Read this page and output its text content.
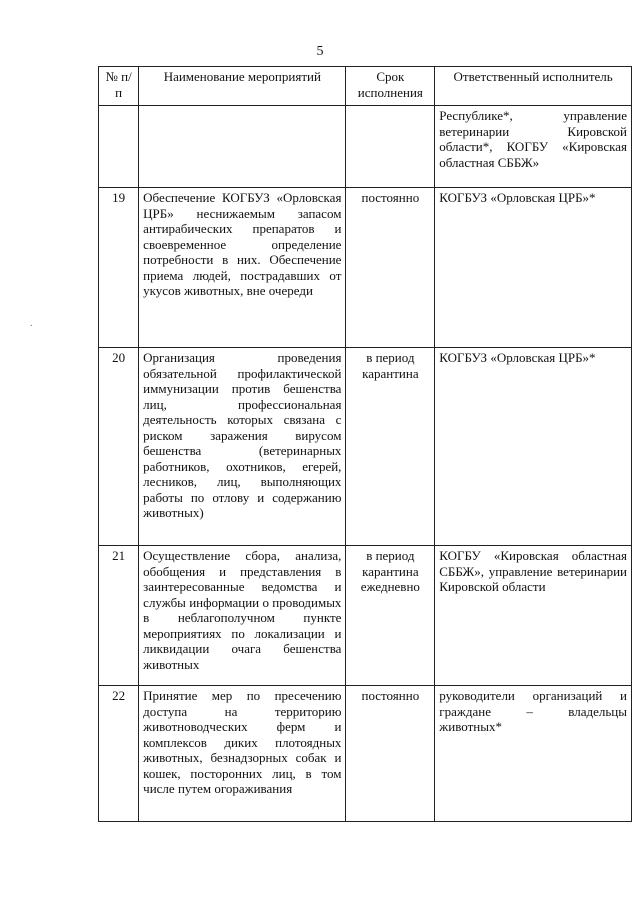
5
.
№ п/п	Наименование мероприятий	Срок исполнения	Ответственный исполнитель
			Республике*, управление ветеринарии Кировской области*, КОГБУ «Кировская областная СББЖ»
19	Обеспечение КОГБУЗ «Орловская ЦРБ» неснижаемым запасом антирабических препаратов и своевременное определение потребности в них. Обеспечение приема людей, пострадавших от укусов животных, вне очереди	постоянно	КОГБУЗ «Орловская ЦРБ»*
20	Организация проведения обязательной профилактической иммунизации против бешенства лиц, профессиональная деятельность которых связана с риском заражения вирусом бешенства (ветеринарных работников, охотников, егерей, лесников, лиц, выполняющих работы по отлову и содержанию животных)	в период карантина	КОГБУЗ «Орловская ЦРБ»*
21	Осуществление сбора, анализа, обобщения и представления в заинтересованные ведомства и службы информации о проводимых в неблагополучном пункте мероприятиях по локализации и ликвидации очага бешенства животных	в период карантина ежедневно	КОГБУ «Кировская областная СББЖ», управление ветеринарии Кировской области
22	Принятие мер по пресечению доступа на территорию животноводческих ферм и комплексов диких плотоядных животных, безнадзорных собак и кошек, посторонних лиц, в том числе путем огораживания	постоянно	руководители организаций и граждане – владельцы животных*
